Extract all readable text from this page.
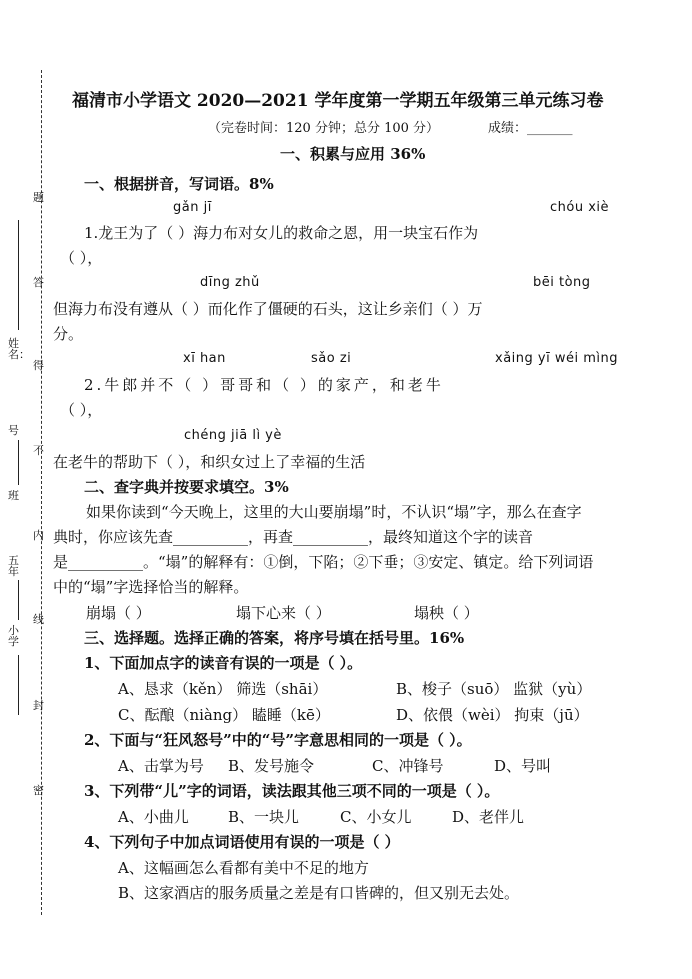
题
答
得
不
内
线
封
密
姓名：
号
班
五年
小学
福清市小学语文 2020—2021 学年度第一学期五年级第三单元练习卷
（完卷时间：120 分钟；总分 100 分）	成绩：_______
一、积累与应用 36%
一、根据拼音，写词语。8%
gǎn jī	chóu xiè
1.龙王为了（ ）海力布对女儿的救命之恩，用一块宝石作为
（ ），
dīng zhǔ	bēi tòng
但海力布没有遵从（ ）而化作了僵硬的石头，这让乡亲们（ ）万
分。
xī han	sǎo zi	xǎing yī wéi mìng
2.牛郎并不（ ）哥哥和（ ）的家产，和老牛
（ ），
chéng jiā lì yè
在老牛的帮助下（ ），和织女过上了幸福的生活
二、查字典并按要求填空。3%
如果你读到“今天晚上，这里的大山要崩塌”时，不认识“塌”字，那么在查字
典时，你应该先查__________，再查__________，最终知道这个字的读音
是__________。“塌”的解释有：①倒，下陷；②下垂；③安定、镇定。给下列词语
中的“塌”字选择恰当的解释。
崩塌（ ）	塌下心来（ ）	塌秧（ ）
三、选择题。选择正确的答案，将序号填在括号里。16%
1、下面加点字的读音有误的一项是（ ）。
A、恳求（kěn） 筛选（shāi）	B、梭子（suō） 监狱（yù）
C、酝酿（niàng） 瞌睡（kē）	D、依偎（wèi） 拘束（jū）
2、下面与“狂风怒号”中的“号”字意思相同的一项是（ ）。
A、击掌为号 B、发号施令	C、冲锋号	D、号叫
3、下列带“儿”字的词语，读法跟其他三项不同的一项是（ ）。
A、小曲儿	B、一块儿	C、小女儿	D、老伴儿
4、下列句子中加点词语使用有误的一项是（ ）
A、这幅画怎么看都有美中不足的地方
B、这家酒店的服务质量之差是有口皆碑的，但又别无去处。
